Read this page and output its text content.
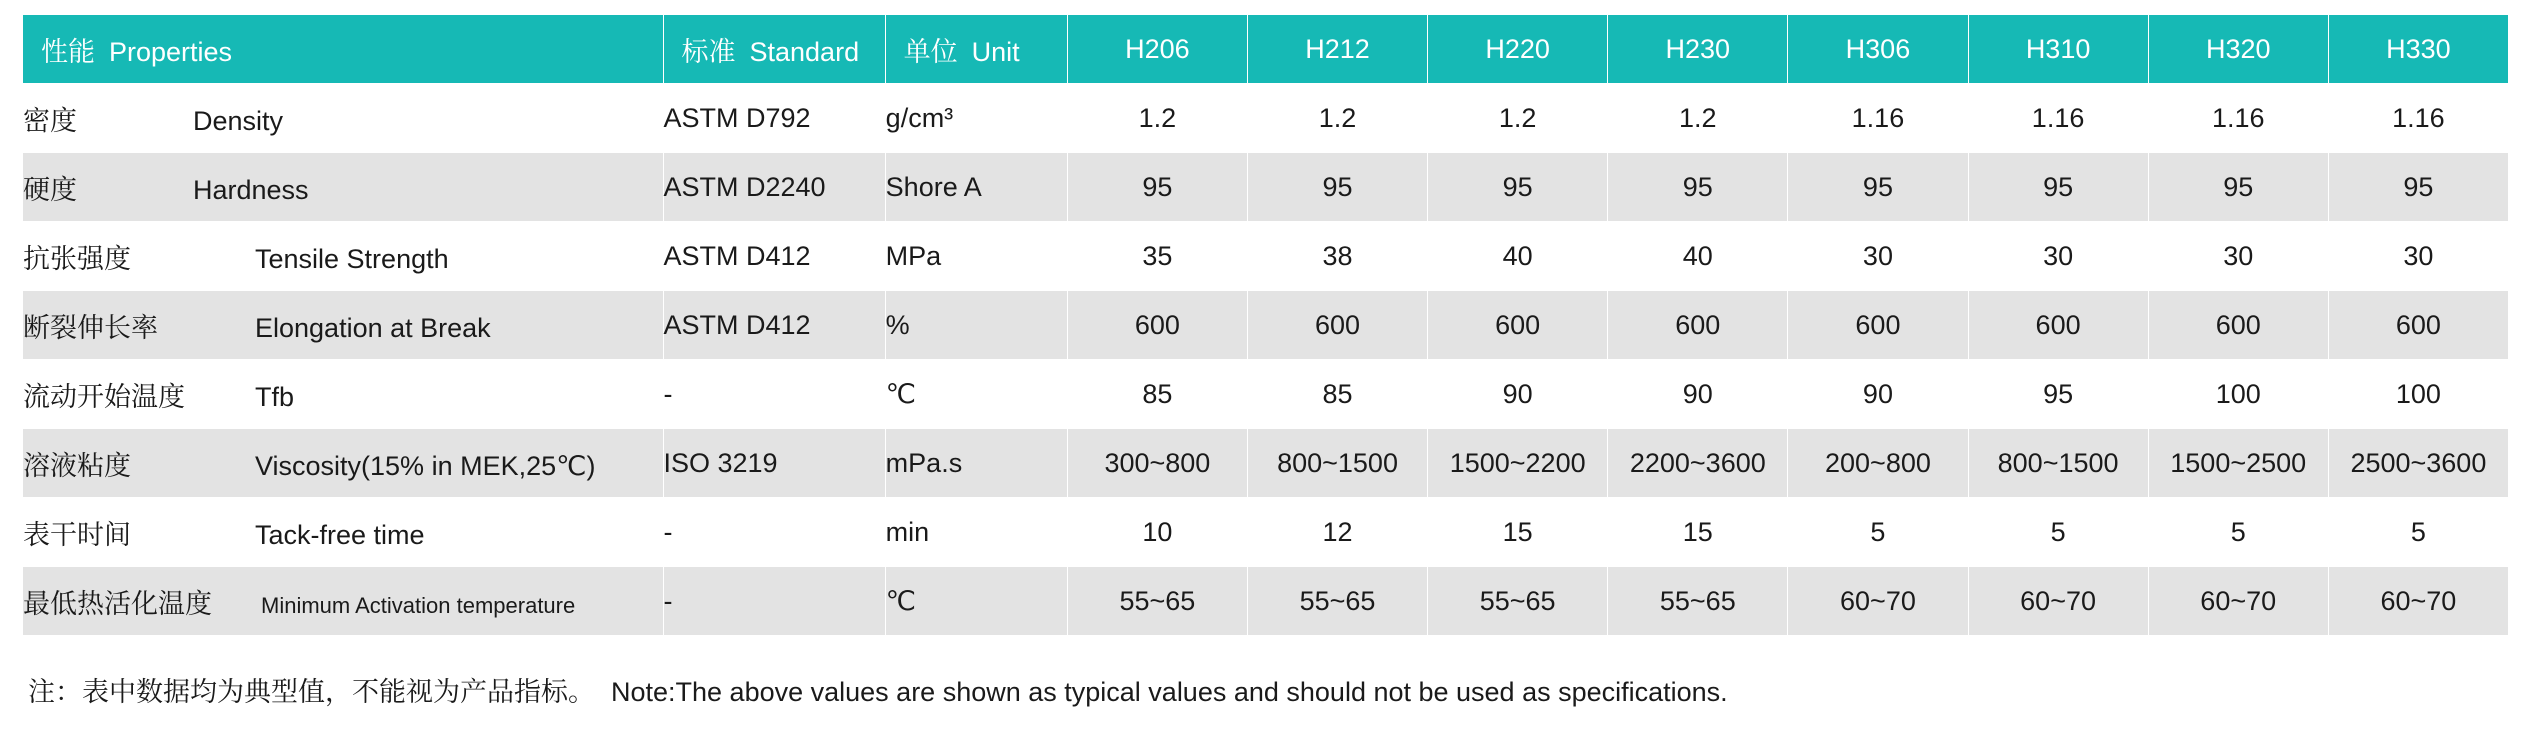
性能 Properties	标准 Standard	单位 Unit	H206	H212	H220	H230	H306	H310	H320	H330
密度 Density	ASTM D792	g/cm³	1.2	1.2	1.2	1.2	1.16	1.16	1.16	1.16
硬度 Hardness	ASTM D2240	Shore A	95	95	95	95	95	95	95	95
抗张强度 Tensile Strength	ASTM D412	MPa	35	38	40	40	30	30	30	30
断裂伸长率 Elongation at Break	ASTM D412	%	600	600	600	600	600	600	600	600
流动开始温度 Tfb	-	℃	85	85	90	90	90	95	100	100
溶液粘度 Viscosity(15% in MEK,25℃)	ISO 3219	mPa.s	300~800	800~1500	1500~2200	2200~3600	200~800	800~1500	1500~2500	2500~3600
表干时间 Tack-free time	-	min	10	12	15	15	5	5	5	5
最低热活化温度 Minimum Activation temperature	-	℃	55~65	55~65	55~65	55~65	60~70	60~70	60~70	60~70
注：表中数据均为典型值，不能视为产品指标。 Note:The above values are shown as typical values and should not be used as specifications.
